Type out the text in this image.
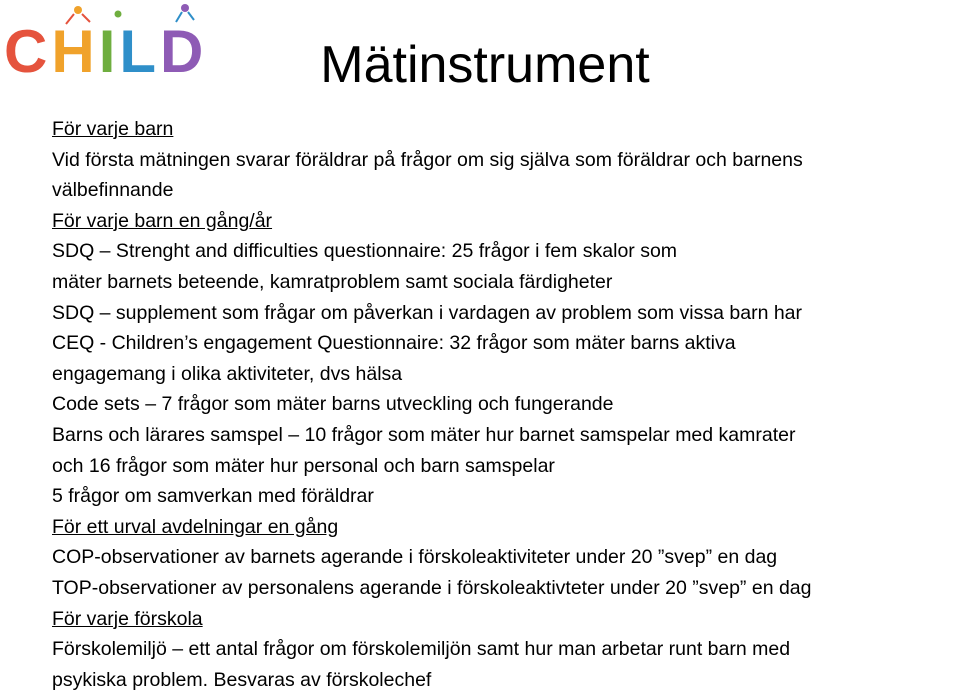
CHILD	Mätinstrument
För varje barn
Vid första mätningen svarar föräldrar på frågor om sig själva som föräldrar och barnens
välbefinnande
För varje barn en gång/år
SDQ – Strenght and difficulties questionnaire: 25 frågor i fem skalor som
mäter barnets beteende, kamratproblem samt sociala färdigheter
SDQ – supplement som frågar om påverkan i vardagen av problem som vissa barn har
CEQ - Children’s engagement Questionnaire: 32 frågor som mäter barns aktiva
engagemang i olika aktiviteter, dvs hälsa
Code sets – 7 frågor som mäter barns utveckling och fungerande
Barns och lärares samspel – 10 frågor som mäter hur barnet samspelar med kamrater
och 16 frågor som mäter hur personal och barn samspelar
5 frågor om samverkan med föräldrar
För ett urval avdelningar en gång
COP-observationer av barnets agerande i förskoleaktiviteter under 20 ”svep” en dag
TOP-observationer av personalens agerande i förskoleaktivteter under 20 ”svep” en dag
För varje förskola
Förskolemiljö – ett antal frågor om förskolemiljön samt hur man arbetar runt barn med
psykiska problem. Besvaras av förskolechef
